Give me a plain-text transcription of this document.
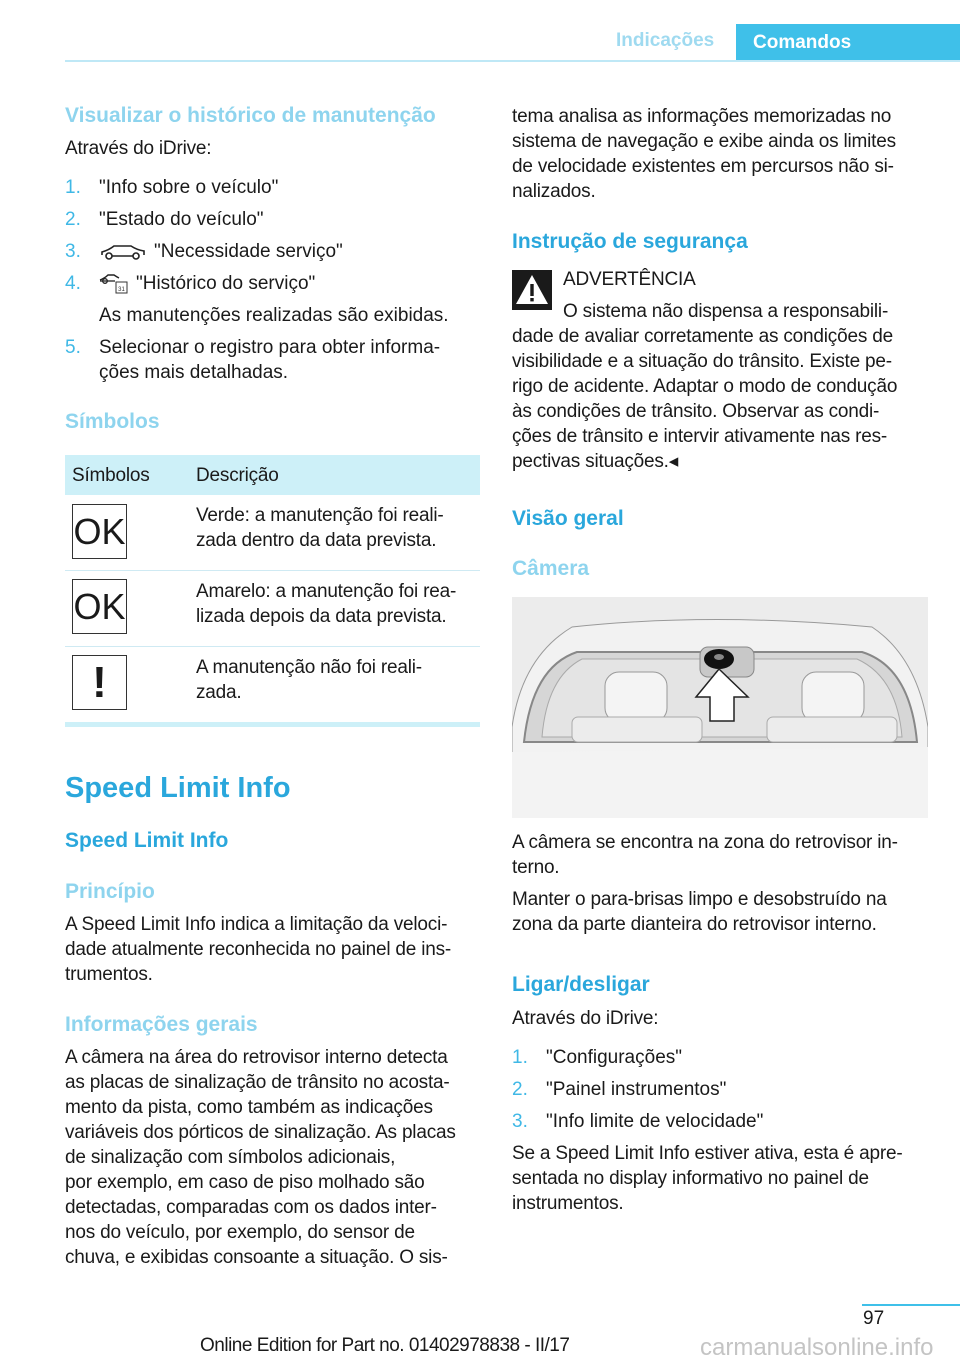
Indicações	Comandos
Visualizar o histórico de manutenção
Através do iDrive:
1. "Info sobre o veículo"
2. "Estado do veículo"
3.	"Necessidade serviço"
4.	31 "Histórico do serviço"
As manutenções realizadas são exibidas.
5. Selecionar o registro para obter informa-
ções mais detalhadas.
Símbolos
Símbolos Descrição
OK	Verde: a manutenção foi reali-
zada dentro da data prevista.
OK	Amarelo: a manutenção foi rea-
lizada depois da data prevista.
!	A manutenção não foi reali-
zada.
Speed Limit Info
Speed Limit Info
Princípio
A Speed Limit Info indica a limitação da veloci-
dade atualmente reconhecida no painel de ins-
trumentos.
Informações gerais
A câmera na área do retrovisor interno detecta
as placas de sinalização de trânsito no acosta-
mento da pista, como também as indicações
variáveis dos pórticos de sinalização. As placas
de sinalização com símbolos adicionais,
por exemplo, em caso de piso molhado são
detectadas, comparadas com os dados inter-
nos do veículo, por exemplo, do sensor de
chuva, e exibidas consoante a situação. O sis-
tema analisa as informações memorizadas no
sistema de navegação e exibe ainda os limites
de velocidade existentes em percursos não si-
nalizados.
Instrução de segurança
ADVERTÊNCIA
O sistema não dispensa a responsabili-
dade de avaliar corretamente as condições de
visibilidade e a situação do trânsito. Existe pe-
rigo de acidente. Adaptar o modo de condução
às condições de trânsito. Observar as condi-
ções de trânsito e intervir ativamente nas res-
pectivas situações.◂
Visão geral
Câmera
A câmera se encontra na zona do retrovisor in-
terno.
Manter o para-brisas limpo e desobstruído na
zona da parte dianteira do retrovisor interno.
Ligar/desligar
Através do iDrive:
1. "Configurações"
2. "Painel instrumentos"
3. "Info limite de velocidade"
Se a Speed Limit Info estiver ativa, esta é apre-
sentada no display informativo no painel de
instrumentos.
97
Online Edition for Part no. 01402978838 - II/17	carmanualsonline.info
